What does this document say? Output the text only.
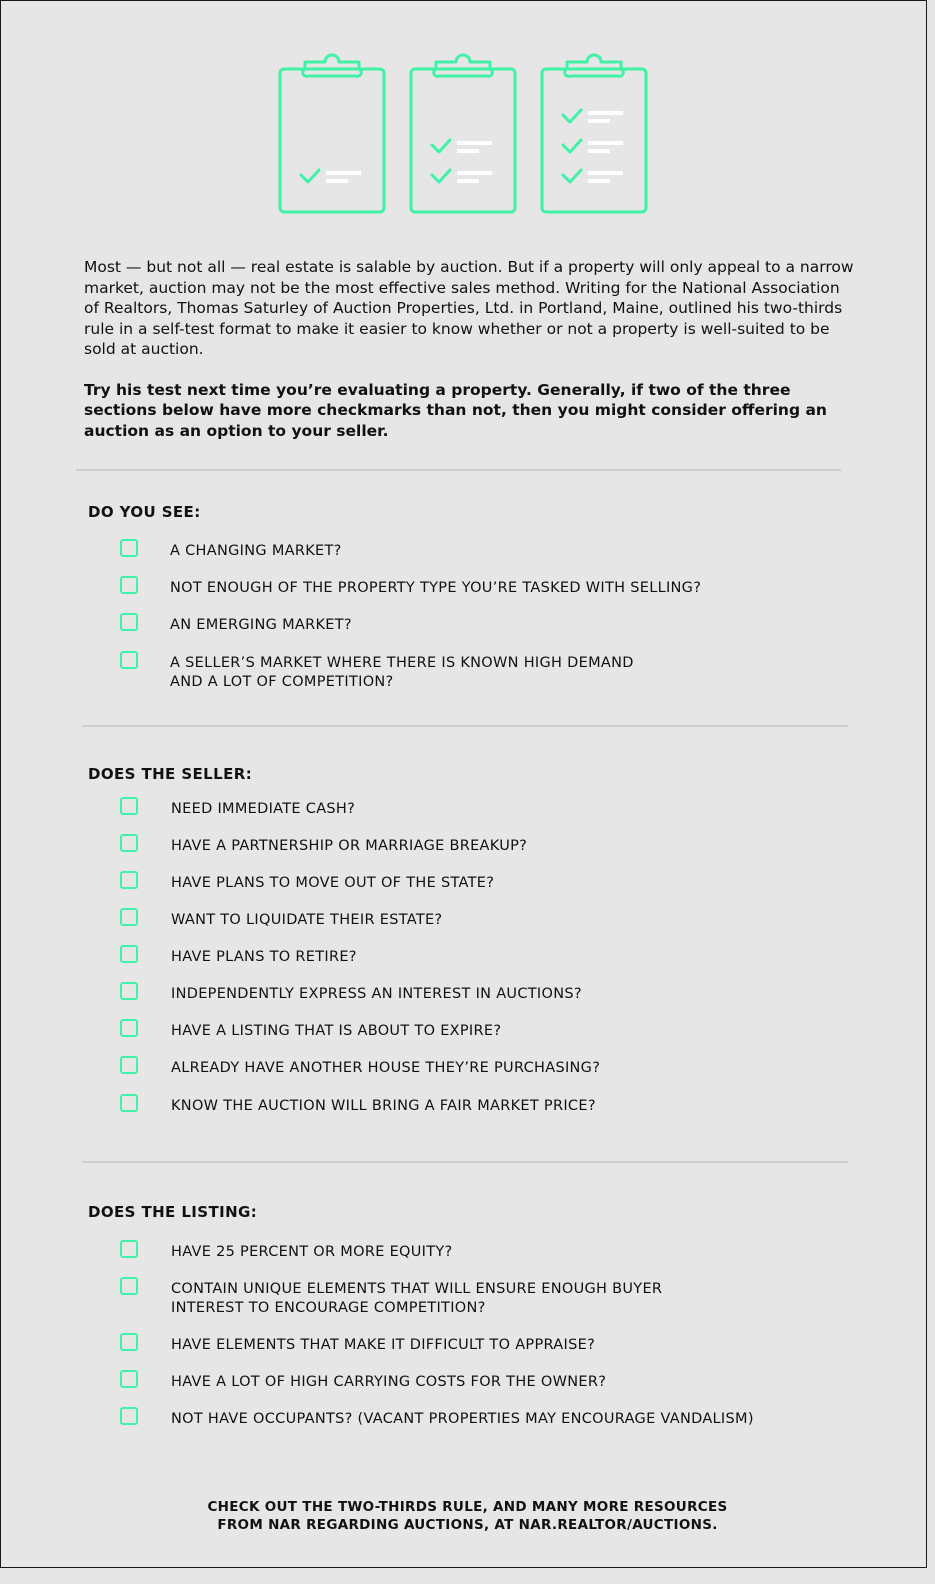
Most — but not all — real estate is salable by auction. But if a property will only appeal to a narrow market, auction may not be the most effective sales method. Writing for the National Association of Realtors, Thomas Saturley of Auction Properties, Ltd. in Portland, Maine, outlined his two-thirds rule in a self-test format to make it easier to know whether or not a property is well-suited to be sold at auction.

Try his test next time you’re evaluating a property. Generally, if two of the three sections below have more checkmarks than not, then you might consider offering an auction as an option to your seller.

DO YOU SEE:
A CHANGING MARKET?
NOT ENOUGH OF THE PROPERTY TYPE YOU’RE TASKED WITH SELLING?
AN EMERGING MARKET?
A SELLER’S MARKET WHERE THERE IS KNOWN HIGH DEMAND
AND A LOT OF COMPETITION?
DOES THE SELLER:
NEED IMMEDIATE CASH?
HAVE A PARTNERSHIP OR MARRIAGE BREAKUP?
HAVE PLANS TO MOVE OUT OF THE STATE?
WANT TO LIQUIDATE THEIR ESTATE?
HAVE PLANS TO RETIRE?
INDEPENDENTLY EXPRESS AN INTEREST IN AUCTIONS?
HAVE A LISTING THAT IS ABOUT TO EXPIRE?
ALREADY HAVE ANOTHER HOUSE THEY’RE PURCHASING?
KNOW THE AUCTION WILL BRING A FAIR MARKET PRICE?
DOES THE LISTING:
HAVE 25 PERCENT OR MORE EQUITY?
CONTAIN UNIQUE ELEMENTS THAT WILL ENSURE ENOUGH BUYER
INTEREST TO ENCOURAGE COMPETITION?
HAVE ELEMENTS THAT MAKE IT DIFFICULT TO APPRAISE?
HAVE A LOT OF HIGH CARRYING COSTS FOR THE OWNER?
NOT HAVE OCCUPANTS? (VACANT PROPERTIES MAY ENCOURAGE VANDALISM)
CHECK OUT THE TWO-THIRDS RULE, AND MANY MORE RESOURCES
FROM NAR REGARDING AUCTIONS, AT NAR.REALTOR/AUCTIONS.
